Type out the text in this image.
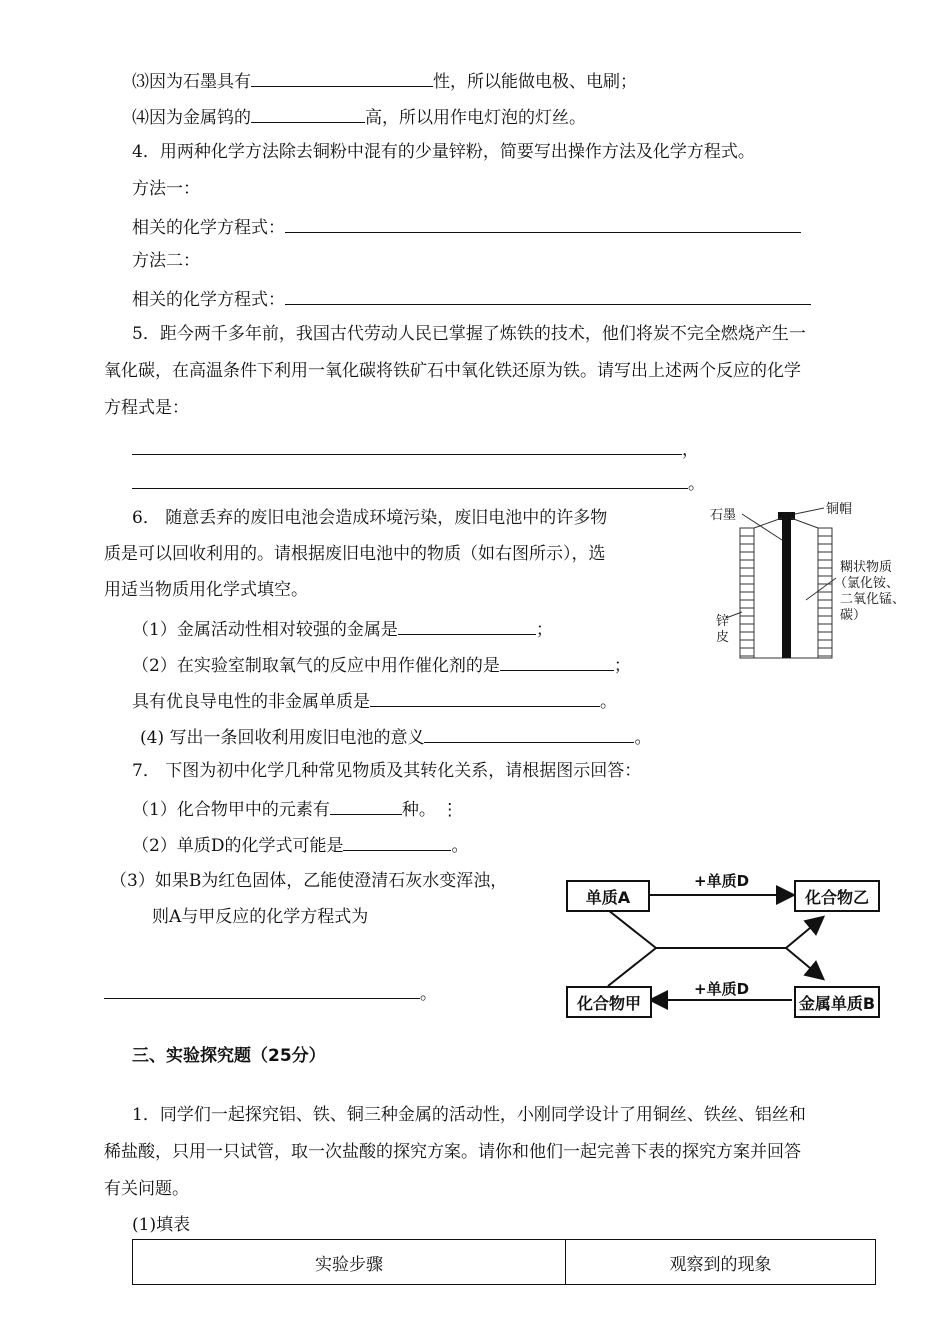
⑶因为石墨具有	性，所以能做电极、电刷；
⑷因为金属钨的	高，所以用作电灯泡的灯丝。
4．用两种化学方法除去铜粉中混有的少量锌粉，简要写出操作方法及化学方程式。
方法一：
相关的化学方程式：
方法二：
相关的化学方程式：
5．距今两千多年前，我国古代劳动人民已掌握了炼铁的技术，他们将炭不完全燃烧产生一
氧化碳，在高温条件下利用一氧化碳将铁矿石中氧化铁还原为铁。请写出上述两个反应的化学
方程式是：
，
。
6． 随意丢弃的废旧电池会造成环境污染，废旧电池中的许多物
质是可以回收利用的。请根据废旧电池中的物质（如右图所示），选
用适当物质用化学式填空。
（1）金属活动性相对较强的金属是	；
（2）在实验室制取氧气的反应中用作催化剂的是	；
具有优良导电性的非金属单质是	。
(4) 写出一条回收利用废旧电池的意义	。
石墨	铜帽
糊状物质
（氯化铵、
二氧化锰、
碳）
锌
皮
7． 下图为初中化学几种常见物质及其转化关系，请根据图示回答：
（1）化合物甲中的元素有	种。 ⋮
（2）单质D的化学式可能是	。
（3）如果B为红色固体，乙能使澄清石灰水变浑浊，
则A与甲反应的化学方程式为
。
单质A	化合物乙
化合物甲	金属单质B
+单质D
+单质D
三、实验探究题（25分）
1．同学们一起探究铝、铁、铜三种金属的活动性，小刚同学设计了用铜丝、铁丝、铝丝和
稀盐酸，只用一只试管，取一次盐酸的探究方案。请你和他们一起完善下表的探究方案并回答
有关问题。
(1)填表
实验步骤	观察到的现象
